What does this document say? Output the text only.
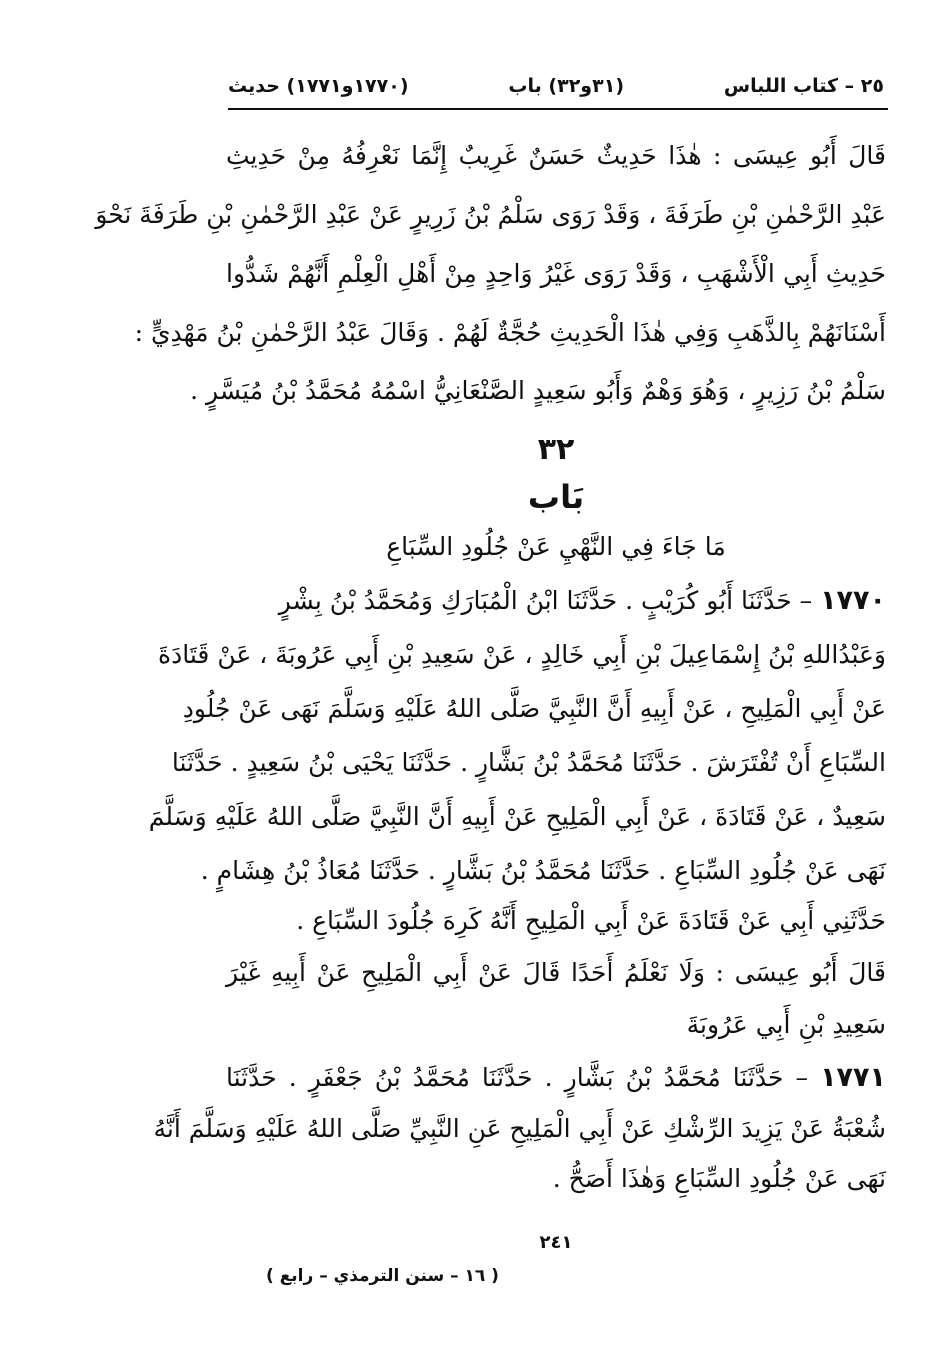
٢٥ – كتاب اللباس
(٣١و٣٢) باب
(١٧٧٠و١٧٧١) حديث
قَالَ أَبُو عِيسَى : هٰذَا حَدِيثٌ حَسَنٌ غَرِيبٌ إِنَّمَا نَعْرِفُهُ مِنْ حَدِيثِ
عَبْدِ الرَّحْمٰنِ بْنِ طَرَفَةَ ، وَقَدْ رَوَى سَلْمُ بْنُ زَرِيرٍ عَنْ عَبْدِ الرَّحْمٰنِ بْنِ طَرَفَةَ نَحْوَ
حَدِيثِ أَبِي الْأَشْهَبِ ، وَقَدْ رَوَى غَيْرُ وَاحِدٍ مِنْ أَهْلِ الْعِلْمِ أَنَّهُمْ شَدُّوا
أَسْنَانَهُمْ بِالذَّهَبِ وَفِي هٰذَا الْحَدِيثِ حُجَّةٌ لَهُمْ . وَقَالَ عَبْدُ الرَّحْمٰنِ بْنُ مَهْدِيٍّ :
سَلْمُ بْنُ رَزِيرٍ ، وَهُوَ وَهْمٌ وَأَبُو سَعِيدٍ الصَّنْعَانِيُّ اسْمُهُ مُحَمَّدُ بْنُ مُيَسَّرٍ .
٣٢
بَاب
مَا جَاءَ فِي النَّهْيِ عَنْ جُلُودِ السِّبَاعِ
١٧٧٠ – حَدَّثَنَا أَبُو كُرَيْبٍ . حَدَّثَنَا ابْنُ الْمُبَارَكِ وَمُحَمَّدُ بْنُ بِشْرٍ
وَعَبْدُاللهِ بْنُ إِسْمَاعِيلَ بْنِ أَبِي خَالِدٍ ، عَنْ سَعِيدِ بْنِ أَبِي عَرُوبَةَ ، عَنْ قَتَادَةَ
عَنْ أَبِي الْمَلِيحِ ، عَنْ أَبِيهِ أَنَّ النَّبِيَّ صَلَّى اللهُ عَلَيْهِ وَسَلَّمَ نَهَى عَنْ جُلُودِ
السِّبَاعِ أَنْ تُفْتَرَشَ . حَدَّثَنَا مُحَمَّدُ بْنُ بَشَّارٍ . حَدَّثَنَا يَحْيَى بْنُ سَعِيدٍ . حَدَّثَنَا
سَعِيدٌ ، عَنْ قَتَادَةَ ، عَنْ أَبِي الْمَلِيحِ عَنْ أَبِيهِ أَنَّ النَّبِيَّ صَلَّى اللهُ عَلَيْهِ وَسَلَّمَ
نَهَى عَنْ جُلُودِ السِّبَاعِ . حَدَّثَنَا مُحَمَّدُ بْنُ بَشَّارٍ . حَدَّثَنَا مُعَاذُ بْنُ هِشَامٍ .
حَدَّثَنِي أَبِي عَنْ قَتَادَةَ عَنْ أَبِي الْمَلِيحِ أَنَّهُ كَرِهَ جُلُودَ السِّبَاعِ .
قَالَ أَبُو عِيسَى : وَلَا نَعْلَمُ أَحَدًا قَالَ عَنْ أَبِي الْمَلِيحِ عَنْ أَبِيهِ غَيْرَ
سَعِيدِ بْنِ أَبِي عَرُوبَةَ
١٧٧١ – حَدَّثَنَا مُحَمَّدُ بْنُ بَشَّارٍ . حَدَّثَنَا مُحَمَّدُ بْنُ جَعْفَرٍ . حَدَّثَنَا
شُعْبَةُ عَنْ يَزِيدَ الرِّشْكِ عَنْ أَبِي الْمَلِيحِ عَنِ النَّبِيِّ صَلَّى اللهُ عَلَيْهِ وَسَلَّمَ أَنَّهُ
نَهَى عَنْ جُلُودِ السِّبَاعِ وَهٰذَا أَصَحُّ .
٢٤١
( ١٦ – سنن الترمذي – رابع )
